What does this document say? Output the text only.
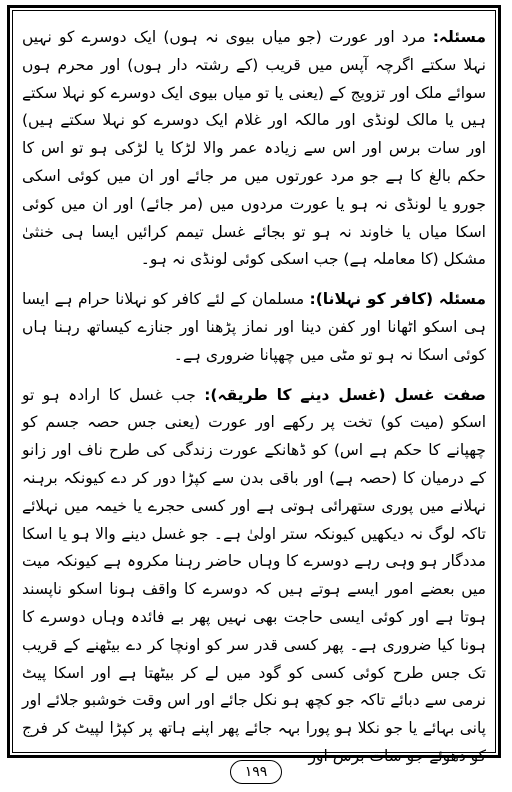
مسئلہ: مرد اور عورت (جو میاں بیوی نہ ہوں) ایک دوسرے کو نہیں نہلا سکتے اگرچہ آپس میں قریب (کے رشتہ دار ہوں) اور محرم ہوں سوائے ملک اور تزویج کے (یعنی یا تو میاں بیوی ایک دوسرے کو نہلا سکتے ہیں یا مالک لونڈی اور مالکہ اور غلام ایک دوسرے کو نہلا سکتے ہیں) اور سات برس اور اس سے زیادہ عمر والا لڑکا یا لڑکی ہو تو اس کا حکم بالغ کا ہے جو مرد عورتوں میں مر جائے اور ان میں کوئی اسکی جورو یا لونڈی نہ ہو یا عورت مردوں میں (مر جائے) اور ان میں کوئی اسکا میاں یا خاوند نہ ہو تو بجائے غسل تیمم کرائیں ایسا ہی خنثیٰ مشکل (کا معاملہ ہے) جب اسکی کوئی لونڈی نہ ہو۔

مسئلہ (کافر کو نہلانا): مسلمان کے لئے کافر کو نہلانا حرام ہے ایسا ہی اسکو اٹھانا اور کفن دینا اور نماز پڑھنا اور جنازے کیساتھ رہنا ہاں کوئی اسکا نہ ہو تو مٹی میں چھپانا ضروری ہے۔

صفت غسل (غسل دینے کا طریقہ): جب غسل کا ارادہ ہو تو اسکو (میت کو) تخت پر رکھے اور عورت (یعنی جس حصہ جسم کو چھپانے کا حکم ہے اس) کو ڈھانکے عورت زندگی کی طرح ناف اور زانو کے درمیان کا (حصہ ہے) اور باقی بدن سے کپڑا دور کر دے کیونکہ برہنہ نہلانے میں پوری ستھرائی ہوتی ہے اور کسی حجرے یا خیمہ میں نہلائے تاکہ لوگ نہ دیکھیں کیونکہ ستر اولیٰ ہے۔ جو غسل دینے والا ہو یا اسکا مددگار ہو وہی رہے دوسرے کا وہاں حاضر رہنا مکروہ ہے کیونکہ میت میں بعضے امور ایسے ہوتے ہیں کہ دوسرے کا واقف ہونا اسکو ناپسند ہوتا ہے اور کوئی ایسی حاجت بھی نہیں پھر بے فائدہ وہاں دوسرے کا ہونا کیا ضروری ہے۔ پھر کسی قدر سر کو اونچا کر دے بیٹھنے کے قریب تک جس طرح کوئی کسی کو گود میں لے کر بیٹھتا ہے اور اسکا پیٹ نرمی سے دبائے تاکہ جو کچھ ہو نکل جائے اور اس وقت خوشبو جلائے اور پانی بہائے یا جو نکلا ہو پورا بہہ جائے پھر اپنے ہاتھ پر کپڑا لپیٹ کر فرج کو دھوئے جو سات برس اور

۱۹۹
